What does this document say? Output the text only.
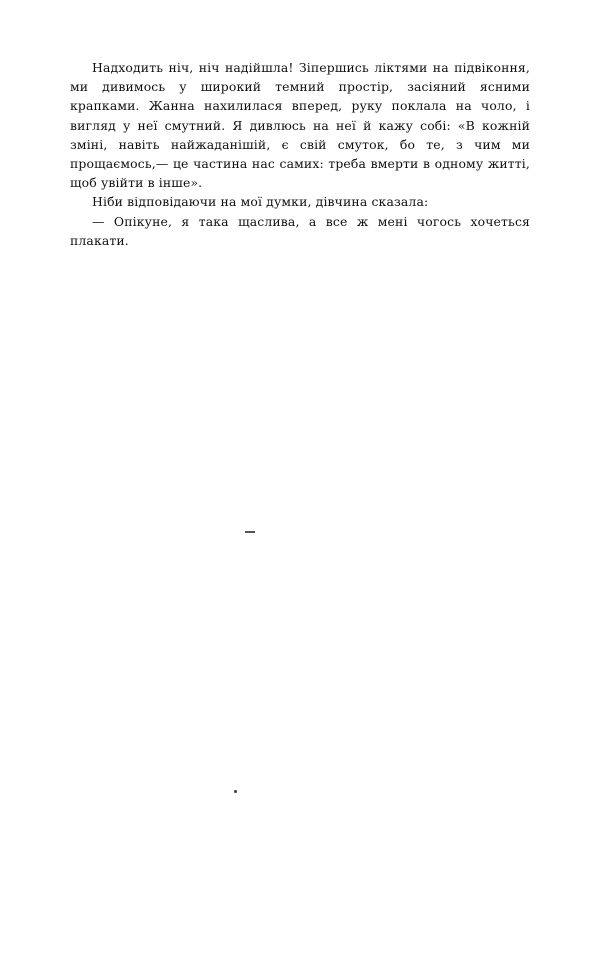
Надходить ніч, ніч надійшла! Зіпершись ліктями на підвіконня, ми дивимось у широкий темний простір, засіяний ясними крапками. Жанна нахилилася вперед, руку поклала на чоло, і вигляд у неї смутний. Я дивлюсь на неї й кажу собі: «В кожній зміні, навіть найжаданішій, є свій смуток, бо те, з чим ми прощаємось,— це частина нас самих: треба вмерти в одному житті, щоб увійти в інше».

Ніби відповідаючи на мої думки, дівчина сказала:

— Опікуне, я така щаслива, а все ж мені чогось хочеться плакати.
